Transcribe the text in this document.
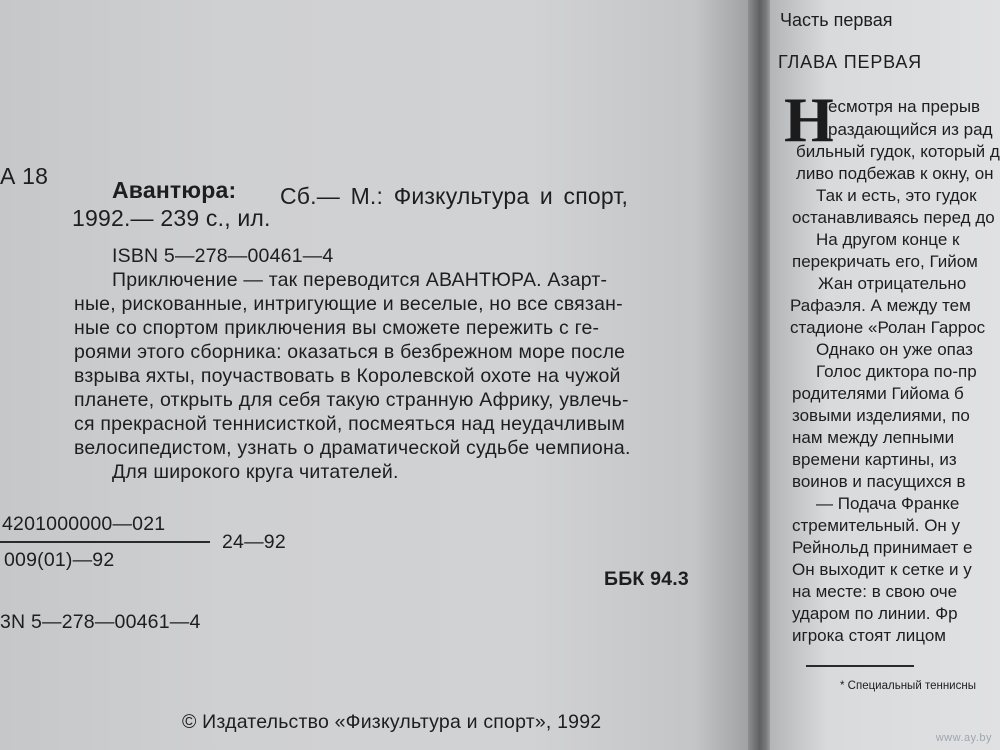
А 18
Авантюра: Сб.— М.: Физкультура и спорт,
1992.— 239 с., ил.
ISBN 5—278—00461—4
Приключение — так переводится АВАНТЮРА. Азарт-
ные, рискованные, интригующие и веселые, но все связан-
ные со спортом приключения вы сможете пережить с ге-
роями этого сборника: оказаться в безбрежном море после
взрыва яхты, поучаствовать в Королевской охоте на чужой
планете, открыть для себя такую странную Африку, увлечь-
ся прекрасной теннисисткой, посмеяться над неудачливым
велосипедистом, узнать о драматической судьбе чемпиона.
Для широкого круга читателей.
4201000000—021
24—92
009(01)—92
ББК 94.3
3N 5—278—00461—4
© Издательство «Физкультура и спорт», 1992
Часть первая
ГЛАВА ПЕРВАЯ
Н
есмотря на прерыв
раздающийся из рад
бильный гудок, который д
ливо подбежав к окну, он
Так и есть, это гудок
останавливаясь перед до
На другом конце к
перекричать его, Гийом
Жан отрицательно
Рафаэля. А между тем
стадионе «Ролан Гаррос
Однако он уже опаз
Голос диктора по-пр
родителями Гийома б
зовыми изделиями, по
нам между лепными
времени картины, из
воинов и пасущихся в
— Подача Франке
стремительный. Он у
Рейнольд принимает е
Он выходит к сетке и у
на месте: в свою оче
ударом по линии. Фр
игрока стоят лицом
* Специальный теннисны
www.ay.by
